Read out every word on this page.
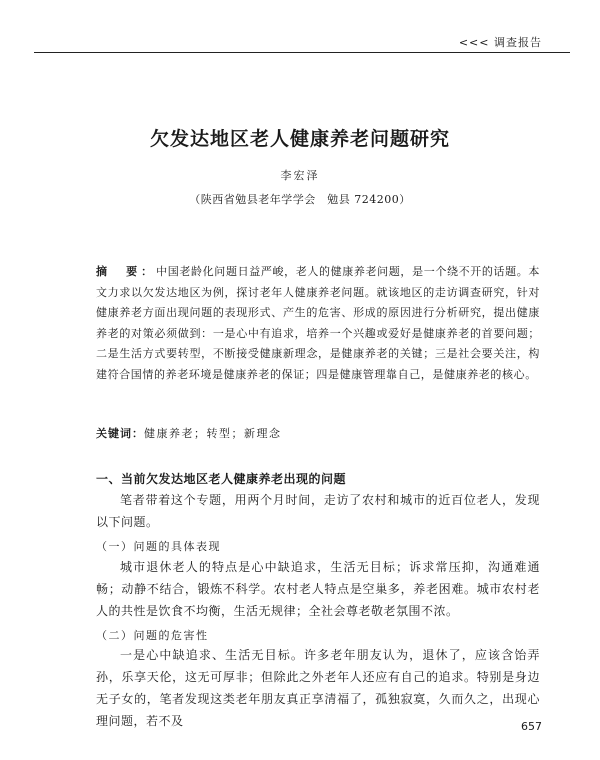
<<< 调查报告
欠发达地区老人健康养老问题研究
李宏泽
（陕西省勉县老年学学会　勉县 724200）
摘　要：中国老龄化问题日益严峻，老人的健康养老问题，是一个绕不开的话题。本文力求以欠发达地区为例，探讨老年人健康养老问题。就该地区的走访调查研究，针对健康养老方面出现问题的表现形式、产生的危害、形成的原因进行分析研究，提出健康养老的对策必须做到：一是心中有追求，培养一个兴趣或爱好是健康养老的首要问题；二是生活方式要转型，不断接受健康新理念，是健康养老的关键；三是社会要关注，构建符合国情的养老环境是健康养老的保证；四是健康管理靠自己，是健康养老的核心。
关键词：健康养老；转型；新理念
一、当前欠发达地区老人健康养老出现的问题
笔者带着这个专题，用两个月时间，走访了农村和城市的近百位老人，发现以下问题。
（一）问题的具体表现
城市退休老人的特点是心中缺追求，生活无目标；诉求常压抑，沟通难通畅；动静不结合，锻炼不科学。农村老人特点是空巢多，养老困难。城市农村老人的共性是饮食不均衡，生活无规律；全社会尊老敬老氛围不浓。
（二）问题的危害性
一是心中缺追求、生活无目标。许多老年朋友认为，退休了，应该含饴弄孙，乐享天伦，这无可厚非；但除此之外老年人还应有自己的追求。特别是身边无子女的，笔者发现这类老年朋友真正享清福了，孤独寂寞，久而久之，出现心理问题，若不及	657
